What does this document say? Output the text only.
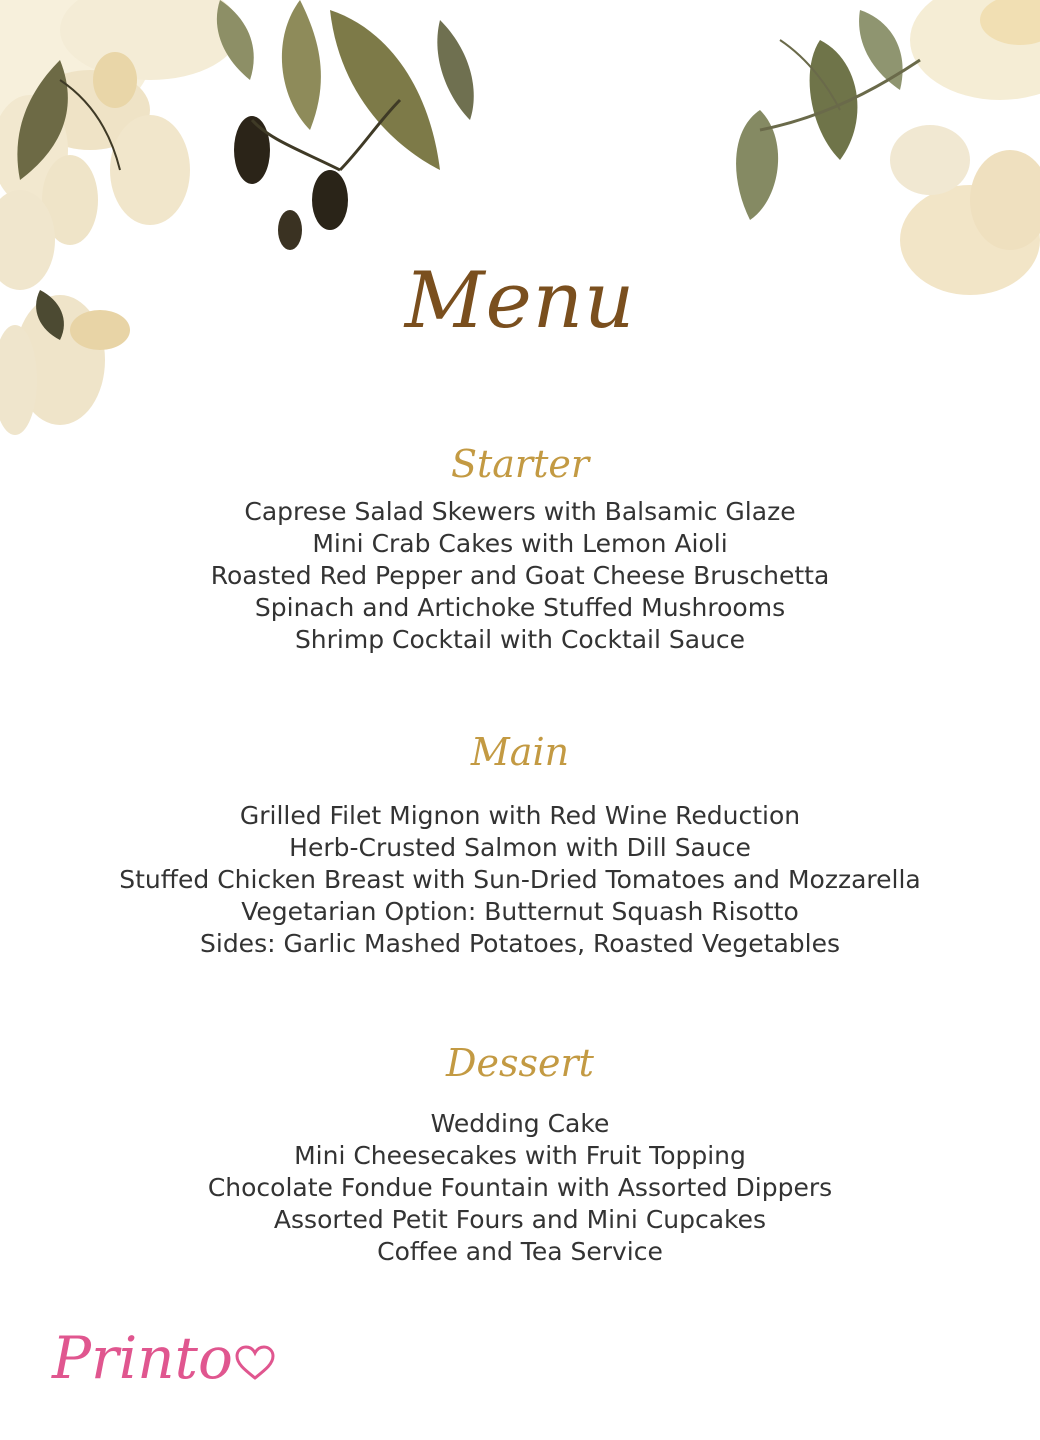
Menu
Starter
Caprese Salad Skewers with Balsamic Glaze
Mini Crab Cakes with Lemon Aioli
Roasted Red Pepper and Goat Cheese Bruschetta
Spinach and Artichoke Stuffed Mushrooms
Shrimp Cocktail with Cocktail Sauce
Main
Grilled Filet Mignon with Red Wine Reduction
Herb-Crusted Salmon with Dill Sauce
Stuffed Chicken Breast with Sun-Dried Tomatoes and Mozzarella
Vegetarian Option: Butternut Squash Risotto
Sides: Garlic Mashed Potatoes, Roasted Vegetables
Dessert
Wedding Cake
Mini Cheesecakes with Fruit Topping
Chocolate Fondue Fountain with Assorted Dippers
Assorted Petit Fours and Mini Cupcakes
Coffee and Tea Service
Printo
